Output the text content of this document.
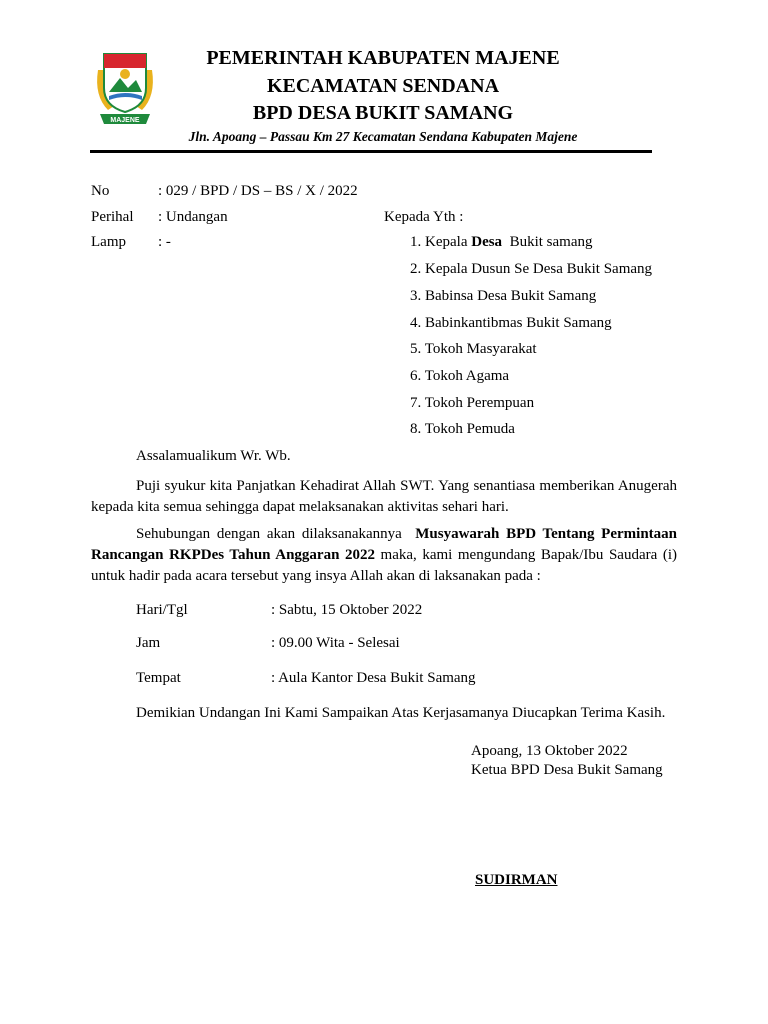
MAJENE
PEMERINTAH KABUPATEN MAJENE
KECAMATAN SENDANA
BPD DESA BUKIT SAMANG
Jln. Apoang – Passau Km 27 Kecamatan Sendana Kabupaten Majene
No	: 029 / BPD / DS – BS / X / 2022
Perihal : Undangan
Lamp : -
Kepada Yth :
1. Kepala Desa  Bukit samang
2. Kepala Dusun Se Desa Bukit Samang
3. Babinsa Desa Bukit Samang
4. Babinkantibmas Bukit Samang
5. Tokoh Masyarakat
6. Tokoh Agama
7. Tokoh Perempuan
8. Tokoh Pemuda
Assalamualikum Wr. Wb.
Puji syukur kita Panjatkan Kehadirat Allah SWT. Yang senantiasa memberikan Anugerah kepada kita semua sehingga dapat melaksanakan aktivitas sehari hari.
Sehubungan dengan akan dilaksanakannya  Musyawarah BPD Tentang Permintaan Rancangan RKPDes Tahun Anggaran 2022 maka, kami mengundang Bapak/Ibu Saudara (i) untuk hadir pada acara tersebut yang insya Allah akan di laksanakan pada :
Hari/Tgl	: Sabtu, 15 Oktober 2022
Jam	: 09.00 Wita - Selesai
Tempat	: Aula Kantor Desa Bukit Samang
Demikian Undangan Ini Kami Sampaikan Atas Kerjasamanya Diucapkan Terima Kasih.
Apoang, 13 Oktober 2022
Ketua BPD Desa Bukit Samang
SUDIRMAN
